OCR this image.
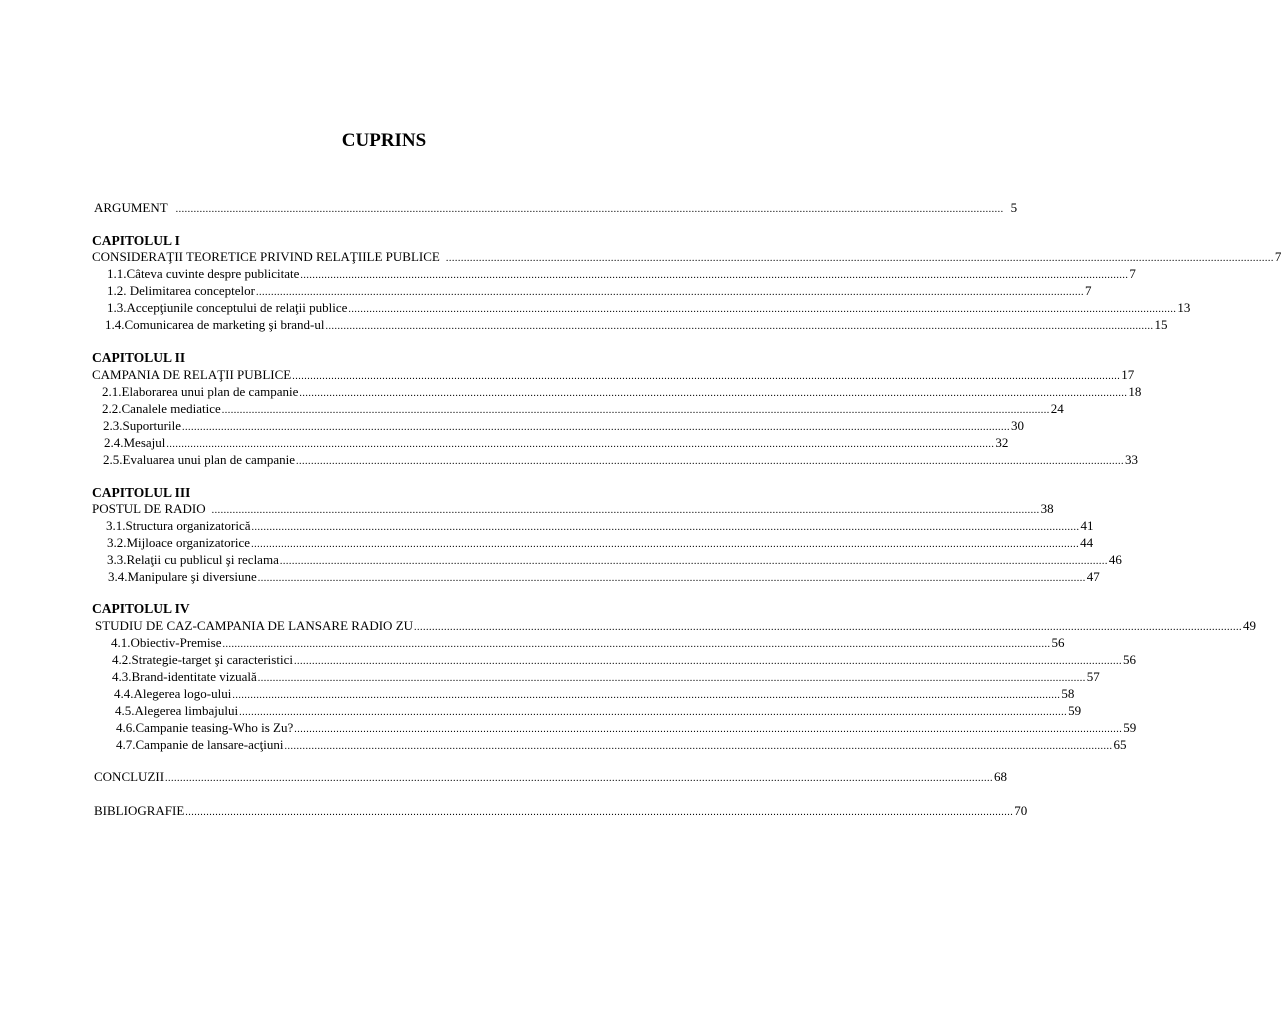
CUPRINS
ARGUMENT .................................................................................................................................................................................................................................................................................... 5
CAPITOLUL I
CONSIDERAŢII TEORETICE PRIVIND RELAŢIILE PUBLICE .................................................................................................................................................................................................................................................................................... 7
1.1.Câteva cuvinte despre publicitate .................................................................................................................................................................................................................................................................................... 7
1.2. Delimitarea conceptelor .................................................................................................................................................................................................................................................................................... 7
1.3.Accepţiunile conceptului de relaţii publice .................................................................................................................................................................................................................................................................................... 13
1.4.Comunicarea de marketing şi brand-ul .................................................................................................................................................................................................................................................................................... 15
CAPITOLUL II
CAMPANIA DE RELAŢII PUBLICE .................................................................................................................................................................................................................................................................................... 17
2.1.Elaborarea unui plan de campanie .................................................................................................................................................................................................................................................................................... 18
2.2.Canalele mediatice .................................................................................................................................................................................................................................................................................... 24
2.3.Suporturile .................................................................................................................................................................................................................................................................................... 30
2.4.Mesajul .................................................................................................................................................................................................................................................................................... 32
2.5.Evaluarea unui plan de campanie .................................................................................................................................................................................................................................................................................... 33
CAPITOLUL III
POSTUL DE RADIO .................................................................................................................................................................................................................................................................................... 38
3.1.Structura organizatorică .................................................................................................................................................................................................................................................................................... 41
3.2.Mijloace organizatorice .................................................................................................................................................................................................................................................................................... 44
3.3.Relaţii cu publicul şi reclama .................................................................................................................................................................................................................................................................................... 46
3.4.Manipulare şi diversiune .................................................................................................................................................................................................................................................................................... 47
CAPITOLUL IV
STUDIU DE CAZ-CAMPANIA DE LANSARE RADIO ZU .................................................................................................................................................................................................................................................................................... 49
4.1.Obiectiv-Premise .................................................................................................................................................................................................................................................................................... 56
4.2.Strategie-target şi caracteristici .................................................................................................................................................................................................................................................................................... 56
4.3.Brand-identitate vizuală .................................................................................................................................................................................................................................................................................... 57
4.4.Alegerea logo-ului .................................................................................................................................................................................................................................................................................... 58
4.5.Alegerea limbajului .................................................................................................................................................................................................................................................................................... 59
4.6.Campanie teasing-Who is Zu? .................................................................................................................................................................................................................................................................................... 59
4.7.Campanie de lansare-acţiuni .................................................................................................................................................................................................................................................................................... 65
CONCLUZII .................................................................................................................................................................................................................................................................................... 68
BIBLIOGRAFIE .................................................................................................................................................................................................................................................................................... 70
